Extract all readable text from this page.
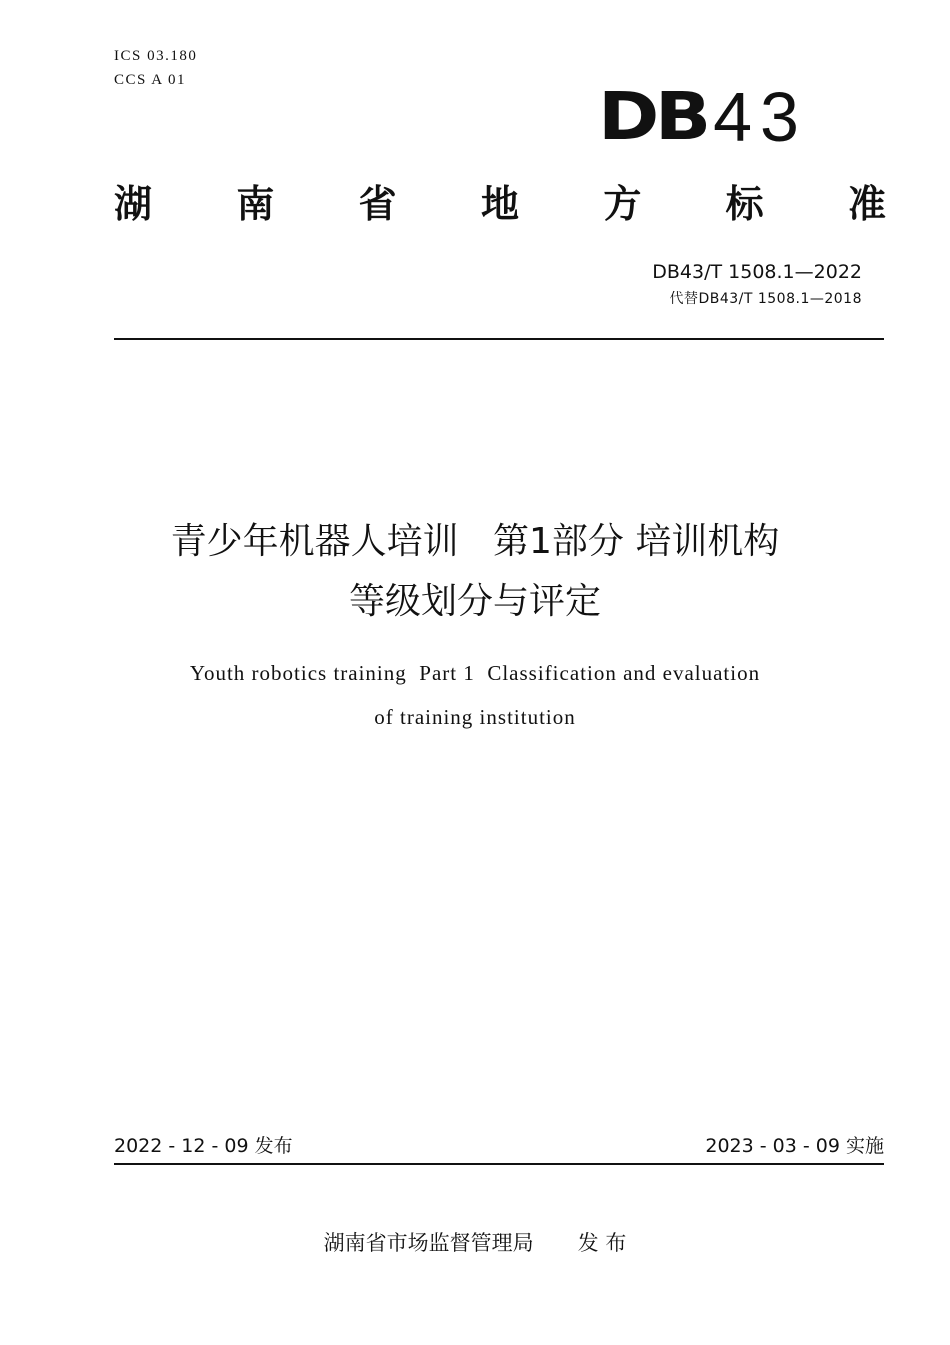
ICS 03.180
CCS A 01	DB 43
湖 南 省 地 方 标 准
DB43/T 1508.1—2022
代替DB43/T 1508.1—2018
青少年机器人培训   第1部分 培训机构
等级划分与评定
Youth robotics training  Part 1  Classification and evaluation
of training institution
2022 - 12 - 09 发布	2023 - 03 - 09 实施
湖南省市场监督管理局 发 布
